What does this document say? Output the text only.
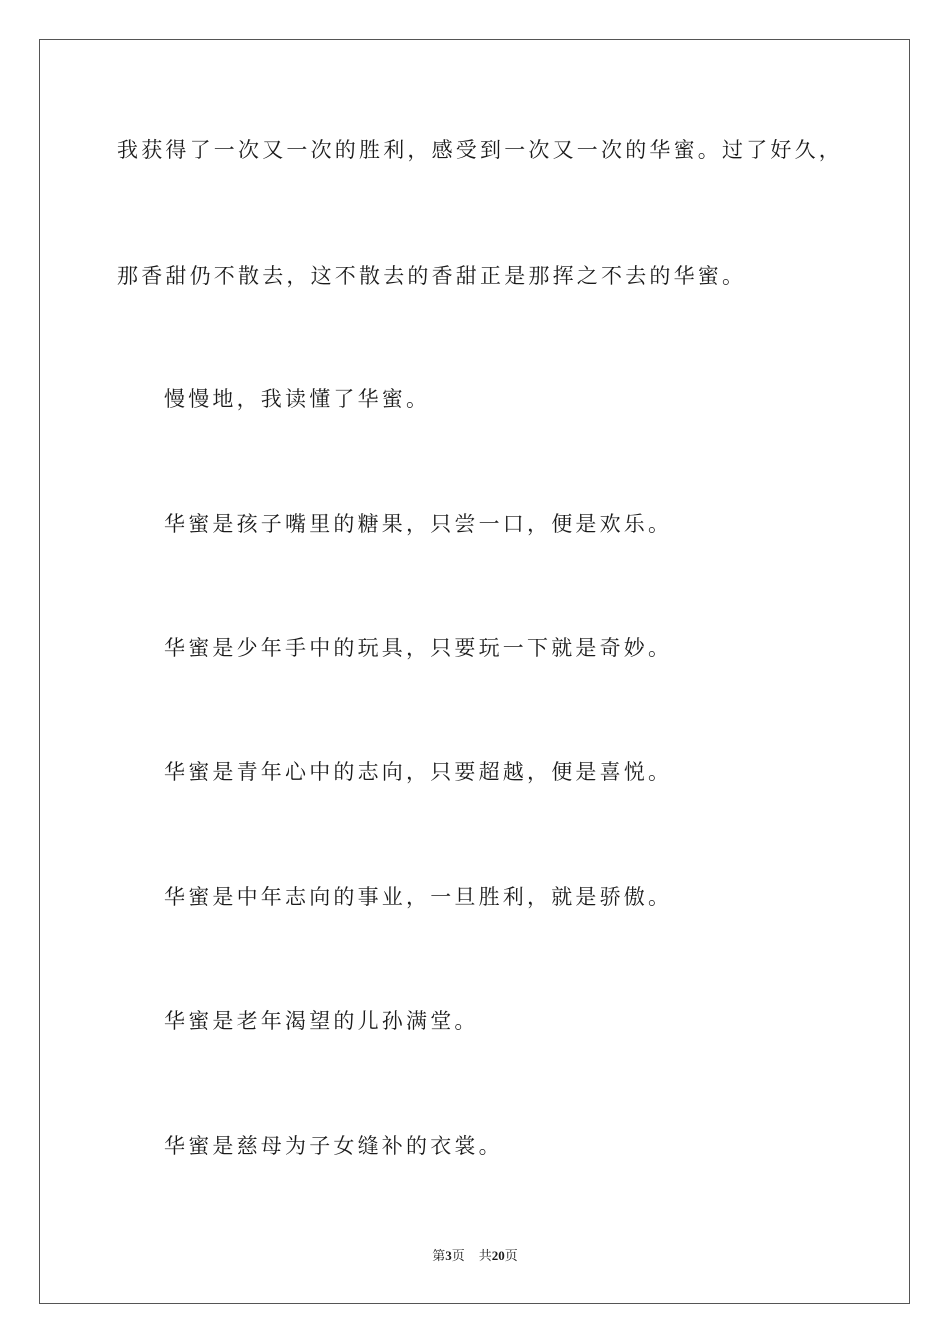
我获得了一次又一次的胜利，感受到一次又一次的华蜜。过了好久，

那香甜仍不散去，这不散去的香甜正是那挥之不去的华蜜。

慢慢地，我读懂了华蜜。

华蜜是孩子嘴里的糖果，只尝一口，便是欢乐。

华蜜是少年手中的玩具，只要玩一下就是奇妙。

华蜜是青年心中的志向，只要超越，便是喜悦。

华蜜是中年志向的事业，一旦胜利，就是骄傲。

华蜜是老年渴望的儿孙满堂。

华蜜是慈母为子女缝补的衣裳。

第3页 共20页
